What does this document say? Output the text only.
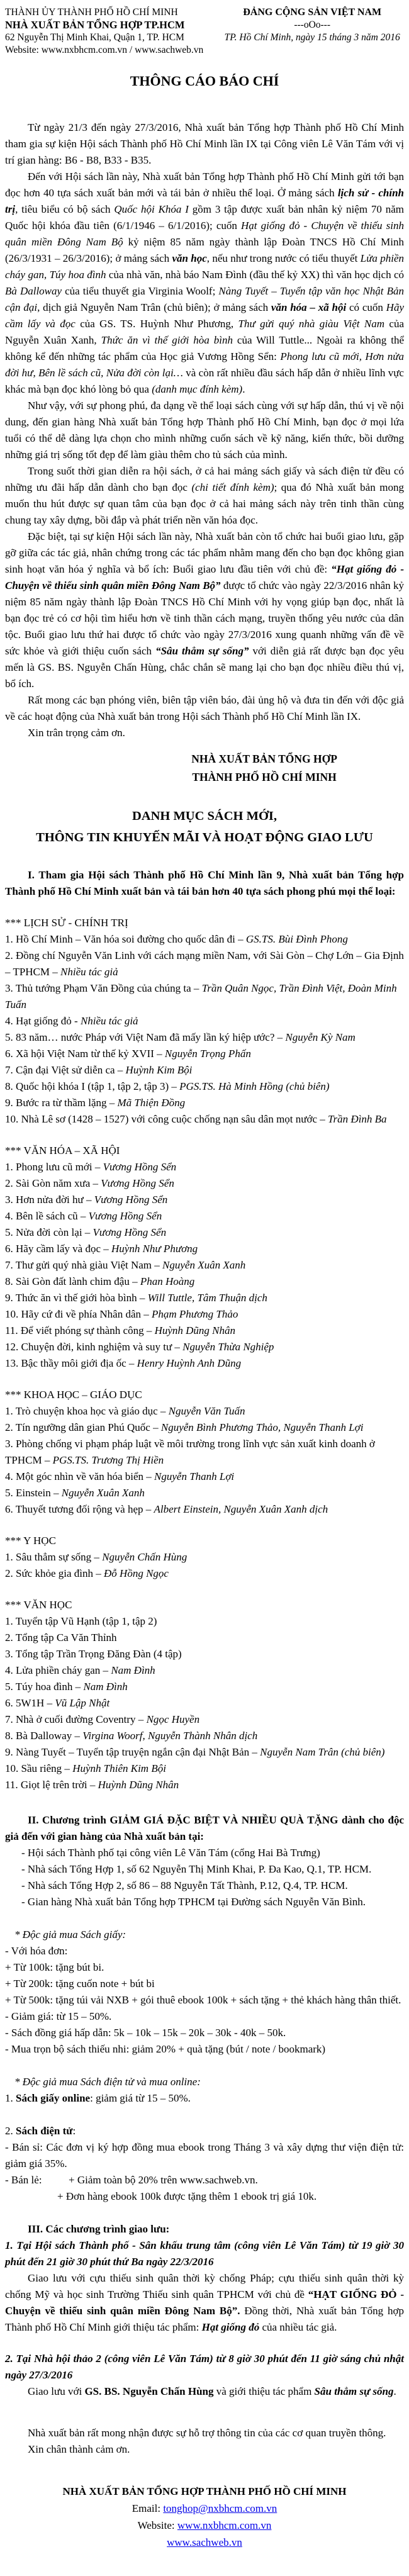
THÀNH ỦY THÀNH PHỐ HỒ CHÍ MINH
NHÀ XUẤT BẢN TỔNG HỢP TP.HCM
62 Nguyễn Thị Minh Khai, Quận 1, TP. HCM
Website: www.nxbhcm.com.vn / www.sachweb.vn
ĐẢNG CỘNG SẢN VIỆT NAM
---oOo---
TP. Hồ Chí Minh, ngày 15 tháng 3 năm 2016
THÔNG CÁO BÁO CHÍ
Từ ngày 21/3 đến ngày 27/3/2016, Nhà xuất bản Tổng hợp Thành phố Hồ Chí Minh tham gia sự kiện Hội sách Thành phố Hồ Chí Minh lần IX tại Công viên Lê Văn Tám với vị trí gian hàng: B6 - B8, B33 - B35.
Đến với Hội sách lần này, Nhà xuất bản Tổng hợp Thành phố Hồ Chí Minh gửi tới bạn đọc hơn 40 tựa sách xuất bản mới và tái bản ở nhiều thể loại. Ở mảng sách lịch sử - chính trị, tiêu biểu có bộ sách Quốc hội Khóa I gồm 3 tập được xuất bản nhân kỷ niệm 70 năm Quốc hội khóa đầu tiên (6/1/1946 – 6/1/2016); cuốn Hạt giống đỏ - Chuyện về thiếu sinh quân miền Đông Nam Bộ kỷ niệm 85 năm ngày thành lập Đoàn TNCS Hồ Chí Minh (26/3/1931 – 26/3/2016); ở mảng sách văn học, nếu như trong nước có tiểu thuyết Lửa phiền cháy gan, Túy hoa đình của nhà văn, nhà báo Nam Đình (đầu thế kỷ XX) thì văn học dịch có Bà Dalloway của tiểu thuyết gia Virginia Woolf; Nàng Tuyết – Tuyển tập văn học Nhật Bản cận đại, dịch giả Nguyễn Nam Trân (chủ biên); ở mảng sách văn hóa – xã hội có cuốn Hãy cầm lấy và đọc của GS. TS. Huỳnh Như Phương, Thư gửi quý nhà giàu Việt Nam của Nguyễn Xuân Xanh, Thức ăn vì thế giới hòa bình của Will Tuttle... Ngoài ra không thể không kể đến những tác phẩm của Học giả Vương Hồng Sển: Phong lưu cũ mới, Hơn nửa đời hư, Bên lề sách cũ, Nửa đời còn lại… và còn rất nhiều đầu sách hấp dẫn ở nhiều lĩnh vực khác mà bạn đọc khó lòng bỏ qua (danh mục đính kèm).
Như vậy, với sự phong phú, đa dạng về thể loại sách cùng với sự hấp dẫn, thú vị về nội dung, đến gian hàng Nhà xuất bản Tổng hợp Thành phố Hồ Chí Minh, bạn đọc ở mọi lứa tuổi có thể dễ dàng lựa chọn cho mình những cuốn sách về kỹ năng, kiến thức, bồi dưỡng những giá trị sống tốt đẹp để làm giàu thêm cho tủ sách của mình.
Trong suốt thời gian diễn ra hội sách, ở cả hai mảng sách giấy và sách điện tử đều có những ưu đãi hấp dẫn dành cho bạn đọc (chi tiết đính kèm); qua đó Nhà xuất bản mong muốn thu hút được sự quan tâm của bạn đọc ở cả hai mảng sách này trên tinh thần cùng chung tay xây dựng, bồi đắp và phát triển nền văn hóa đọc.
Đặc biệt, tại sự kiện Hội sách lần này, Nhà xuất bản còn tổ chức hai buổi giao lưu, gặp gỡ giữa các tác giả, nhân chứng trong các tác phẩm nhằm mang đến cho bạn đọc không gian sinh hoạt văn hóa ý nghĩa và bổ ích: Buổi giao lưu đầu tiên với chủ đề: “Hạt giống đỏ - Chuyện về thiếu sinh quân miền Đông Nam Bộ” được tổ chức vào ngày 22/3/2016 nhân kỷ niệm 85 năm ngày thành lập Đoàn TNCS Hồ Chí Minh với hy vọng giúp bạn đọc, nhất là bạn đọc trẻ có cơ hội tìm hiểu hơn về tinh thần cách mạng, truyền thống yêu nước của dân tộc. Buổi giao lưu thứ hai được tổ chức vào ngày 27/3/2016 xung quanh những vấn đề về sức khỏe và giới thiệu cuốn sách “Sâu thẳm sự sống” với diễn giả rất được bạn đọc yêu mến là GS. BS. Nguyễn Chấn Hùng, chắc chắn sẽ mang lại cho bạn đọc nhiều điều thú vị, bổ ích.
Rất mong các bạn phóng viên, biên tập viên báo, đài ủng hộ và đưa tin đến với độc giả về các hoạt động của Nhà xuất bản trong Hội sách Thành phố Hồ Chí Minh lần IX.
Xin trân trọng cảm ơn.
NHÀ XUẤT BẢN TỔNG HỢP
THÀNH PHỐ HỒ CHÍ MINH
DANH MỤC SÁCH MỚI,
THÔNG TIN KHUYẾN MÃI VÀ HOẠT ĐỘNG GIAO LƯU
I. Tham gia Hội sách Thành phố Hồ Chí Minh lần 9, Nhà xuất bản Tổng hợp Thành phố Hồ Chí Minh xuất bản và tái bản hơn 40 tựa sách phong phú mọi thể loại:
*** LỊCH SỬ - CHÍNH TRỊ
1. Hồ Chí Minh – Văn hóa soi đường cho quốc dân đi – GS.TS. Bùi Đình Phong
2. Đồng chí Nguyễn Văn Linh với cách mạng miền Nam, với Sài Gòn – Chợ Lớn – Gia Định – TPHCM – Nhiều tác giả
3. Thủ tướng Phạm Văn Đồng của chúng ta – Trần Quân Ngọc, Trần Đình Việt, Đoàn Minh Tuấn
4. Hạt giống đỏ - Nhiều tác giả
5. 83 năm… nước Pháp với Việt Nam đã mấy lần ký hiệp ước? – Nguyễn Kỳ Nam
6. Xã hội Việt Nam từ thế kỷ XVII – Nguyễn Trọng Phấn
7. Cận đại Việt sử diễn ca – Huỳnh Kim Bội
8. Quốc hội khóa I (tập 1, tập 2, tập 3) – PGS.TS. Hà Minh Hồng (chủ biên)
9. Bước ra từ thầm lặng – Mã Thiện Đồng
10. Nhà Lê sơ (1428 – 1527) với công cuộc chống nạn sâu dân mọt nước – Trần Đình Ba
*** VĂN HÓA – XÃ HỘI
1. Phong lưu cũ mới – Vương Hồng Sển
2. Sài Gòn năm xưa – Vương Hồng Sển
3. Hơn nửa đời hư – Vương Hồng Sển
4. Bên lề sách cũ – Vương Hồng Sển
5. Nửa đời còn lại – Vương Hồng Sển
6. Hãy cầm lấy và đọc – Huỳnh Như Phương
7. Thư gửi quý nhà giàu Việt Nam – Nguyễn Xuân Xanh
8. Sài Gòn đất lành chim đậu – Phan Hoàng
9. Thức ăn vì thế giới hòa bình – Will Tuttle, Tâm Thuận dịch
10. Hãy cứ đi về phía Nhân dân – Phạm Phương Thảo
11. Để viết phóng sự thành công – Huỳnh Dũng Nhân
12. Chuyện đời, kinh nghiệm và suy tư – Nguyễn Thừa Nghiệp
13. Bậc thầy môi giới địa ốc – Henry Huỳnh Anh Dũng
*** KHOA HỌC – GIÁO DỤC
1. Trò chuyện khoa học và giáo dục – Nguyễn Văn Tuấn
2. Tín ngưỡng dân gian Phú Quốc – Nguyễn Bình Phương Thảo, Nguyễn Thanh Lợi
3. Phòng chống vi phạm pháp luật về môi trường trong lĩnh vực sản xuất kinh doanh ở TPHCM – PGS.TS. Trương Thị Hiền
4. Một góc nhìn về văn hóa biển – Nguyễn Thanh Lợi
5. Einstein – Nguyễn Xuân Xanh
6. Thuyết tương đối rộng và hẹp – Albert Einstein, Nguyễn Xuân Xanh dịch
*** Y HỌC
1. Sâu thẳm sự sống – Nguyễn Chấn Hùng
2. Sức khỏe gia đình – Đỗ Hồng Ngọc
*** VĂN HỌC
1. Tuyển tập Vũ Hạnh (tập 1, tập 2)
2. Tổng tập Ca Văn Thỉnh
3. Tổng tập Trần Trọng Đăng Đàn (4 tập)
4. Lửa phiền cháy gan – Nam Đình
5. Túy hoa đình – Nam Đình
6. 5W1H – Vũ Lập Nhật
7. Nhà ở cuối đường Coventry – Ngọc Huyền
8. Bà Dalloway – Virgina Woorf, Nguyễn Thành Nhân dịch
9. Nàng Tuyết – Tuyển tập truyện ngắn cận đại Nhật Bản – Nguyễn Nam Trân (chủ biên)
10. Sầu riêng – Huỳnh Thiên Kim Bội
11. Giọt lệ trên trời – Huỳnh Dũng Nhân
II. Chương trình GIẢM GIÁ ĐẶC BIỆT VÀ NHIỀU QUÀ TẶNG dành cho độc giả đến với gian hàng của Nhà xuất bản tại:
- Hội sách Thành phố tại công viên Lê Văn Tám (cổng Hai Bà Trưng)
- Nhà sách Tổng Hợp 1, số 62 Nguyễn Thị Minh Khai, P. Đa Kao, Q.1, TP. HCM.
- Nhà sách Tổng Hợp 2, số 86 – 88 Nguyễn Tất Thành, P.12, Q.4, TP. HCM.
- Gian hàng Nhà xuất bản Tổng hợp TPHCM tại Đường sách Nguyễn Văn Bình.
* Độc giả mua Sách giấy:
- Với hóa đơn:
+ Từ 100k: tặng bút bi.
+ Từ 200k: tặng cuốn note + bút bi
+ Từ 500k: tặng túi vải NXB + gói thuê ebook 100k + sách tặng + thẻ khách hàng thân thiết.
- Giảm giá: từ 15 – 50%.
- Sách đồng giá hấp dẫn: 5k – 10k – 15k – 20k – 30k - 40k – 50k.
- Mua trọn bộ sách thiếu nhi: giảm 20% + quà tặng (bút / note / bookmark)
* Độc giả mua Sách điện tử và mua online:
1. Sách giấy online: giảm giá từ 15 – 50%.
2. Sách điện tử:
- Bán sỉ: Các đơn vị ký hợp đồng mua ebook trong Tháng 3 và xây dựng thư viện điện tử: giảm giá 35%.
- Bán lẻ:          + Giảm toàn bộ 20% trên www.sachweb.vn.
+ Đơn hàng ebook 100k được tặng thêm 1 ebook trị giá 10k.
III. Các chương trình giao lưu:
1. Tại Hội sách Thành phố - Sân khấu trung tâm (công viên Lê Văn Tám) từ 19 giờ 30 phút đến 21 giờ 30 phút thứ Ba ngày 22/3/2016
Giao lưu với cựu thiếu sinh quân thời kỳ chống Pháp; cựu thiếu sinh quân thời kỳ chống Mỹ và học sinh Trường Thiếu sinh quân TPHCM với chủ đề “HẠT GIỐNG ĐỎ - Chuyện về thiếu sinh quân miền Đông Nam Bộ”. Đồng thời, Nhà xuất bản Tổng hợp Thành phố Hồ Chí Minh giới thiệu tác phẩm: Hạt giống đỏ của nhiều tác giả.
2. Tại Nhà hội thảo 2 (công viên Lê Văn Tám) từ 8 giờ 30 phút đến 11 giờ sáng chủ nhật ngày 27/3/2016
Giao lưu với GS. BS. Nguyễn Chấn Hùng và giới thiệu tác phẩm Sâu thẳm sự sống.
Nhà xuất bản rất mong nhận được sự hỗ trợ thông tin của các cơ quan truyền thông.
Xin chân thành cảm ơn.
NHÀ XUẤT BẢN TỔNG HỢP THÀNH PHỐ HỒ CHÍ MINH
Email: tonghop@nxbhcm.com.vn
Website: www.nxbhcm.com.vn
www.sachweb.vn
